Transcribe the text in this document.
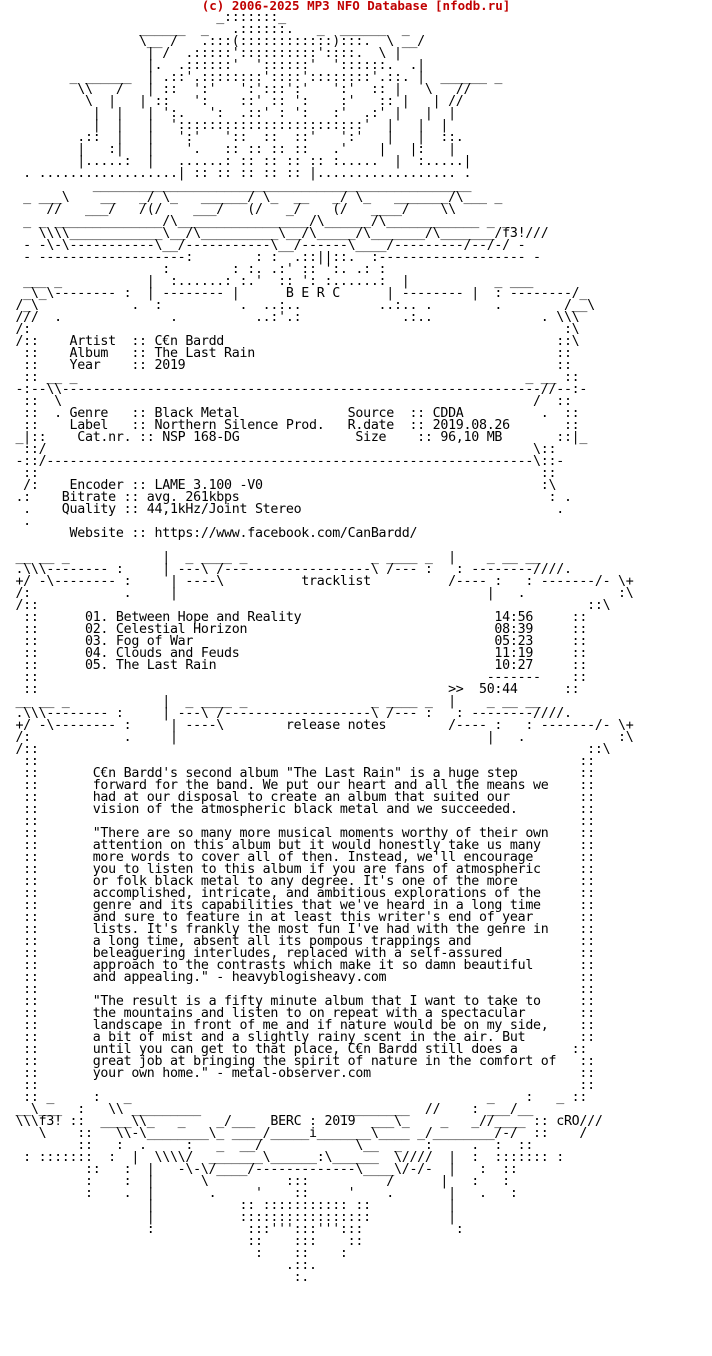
(c) 2006-2025 MP3 NFO Database [nfodb.ru]
_:::::::_
______  _   .::::::.   _  ______  _
\__ /   .:::(::::::::::::):::.  \ __/
| /  .:::::'::::::::::'::::.  \ |
|.  .::::::'  '::::::'  '::::::.  .|
_ ______  | .::'.::::::::'::::'::::::::'.::. |  ______ _
\\   /   | ::  ':'   ':':::':'   ':'  :: |   \   //
\  |   | ::   ':    ::' :: ':    :'   :: |   | //
|  |   | ':.   ':  .::' : ':   :'  .:' |   |  |
|  |   |  '::::::::::::::::::::::::'  |   |  |
.::  |   |   ':'   '::  ::  ::'   ':'   |   |  ::.
|   :|   |    '.   :: :: :: ::   .'    |   |:   |
|.....:  |   ......: :: :: :: :: :.....  |  :.....|
. ..................| :: :: :: :: :: |.................. .
_________________________________________________
_ ___\    __   _/ \_   ______/ \_  __   _/ \_   _______/\___ _
//   ___/   /(/    ___/   (/   _/    (/   ____/    \\
_ _ ______________/\_________________/\______/\____________ _ _
\\\\____________\__/\__________\__/\_____/\_______/\_______/f3!///
- -\-\-----------\__/-----------\__/------\____/---------/--/-/ -
- -------------------:        : :  .::||::.  :------------------- -
:        : :. .:' :: ':. .: :
___ _           |  :......: :.'  :: ': :......:  |           _ ___
_\_\-------- :  | -------- |      B E R C      | -------- |  : --------/_
/_\            .  :          .  ..:..          ..:.. .        .        /__\
///  .              .          ..:'.:             .:..              . \\\
/:                                                                     :\
/::    Artist  :: C€n Bardd                                           ::\
::    Album   :: The Last Rain                                       ::
::    Year    :: 2019                                                ::
:: __ _                                                          _ __ ::
-:--\\--------------------------------------------------------------//--:-
::  \                                                             /  ::
::  . Genre   :: Black Metal              Source  :: CDDA          .  ::
::    Label   :: Northern Silence Prod.   R.date  :: 2019.08.26       ::
_|::    Cat.nr. :: NSP 168-DG               Size    :: 96,10 MB       ::|_
::/                                                               \::
-::/---------------------------------------------------------------\::-
::                                                                 ::
/:    Encoder :: LAME 3.100 -V0                                    :\
.:    Bitrate :: avg. 261kbps                                        : .
.    Quality :: 44,1kHz/Joint Stereo                                 .
.
Website :: https://www.facebook.com/CanBardd/

__ __ _            |  _ ____ _                _ ____ _  |    _ __ __
.\\\-------- :     | ---\ /-------------------\ /--- :   : --------////.
+/ -\-------- :     | ----\          tracklist          /---- :   : -------/- \+
/:            .     |                                        |   .            :\
/::                                                                       ::\
::      01. Between Hope and Reality                         14:56     ::
::      02. Celestial Horizon                                08:39     ::
::      03. Fog of War                                       05:23     ::
::      04. Clouds and Feuds                                 11:19     ::
::      05. The Last Rain                                    10:27     ::
::                                                          -------    ::
::                                                     >>  50:44      ::
__ __ _            |  _ ____ _                _ ____ _  |    _ __ __
.\\\-------- :     | ---\ /-------------------\ /--- :   : --------////.
+/ -\-------- :     | ----\        release notes        /---- :   : -------/- \+
/:            .     |                                        |   .            :\
/::                                                                       ::\
::                                                                      ::
::       C€n Bardd's second album "The Last Rain" is a huge step        ::
::       forward for the band. We put our heart and all the means we    ::
::       had at our disposal to create an album that suited our         ::
::       vision of the atmospheric black metal and we succeeded.        ::
::                                                                      ::
::       "There are so many more musical moments worthy of their own    ::
::       attention on this album but it would honestly take us many     ::
::       more words to cover all of then. Instead, we'll encourage      ::
::       you to listen to this album if you are fans of atmospheric     ::
::       or folk black metal to any degree. It's one of the more        ::
::       accomplished, intricate, and ambitious explorations of the     ::
::       genre and its capabilities that we've heard in a long time     ::
::       and sure to feature in at least this writer's end of year      ::
::       lists. It's frankly the most fun I've had with the genre in    ::
::       a long time, absent all its pompous trappings and              ::
::       beleaguering interludes, replaced with a self-assured          ::
::       approach to the contrasts which make it so damn beautiful      ::
::       and appealing." - heavyblogisheavy.com                         ::
::                                                                      ::
::       "The result is a fifty minute album that I want to take to     ::
::       the mountains and listen to on repeat with a spectacular       ::
::       landscape in front of me and if nature would be on my side,    ::
::       a bit of mist and a slightly rainy scent in the air. But       ::
::       until you can get to that place, C€n Bardd still does a       ::
::       great job at bringing the spirit of nature in the comfort of   ::
::       your own home." - metal-observer.com                           ::
::                                                                      ::
:: _     :   _                                              _    :   _ ::
__\___  :   \\ _________                  _________  //    : ___/__
\\\f3! ::  ____\\_   _    _/___  BERC : 2019  ___\_    _   _//____ :: cRO///
\    ::   \\-\________\_ ____/_____i_______\____ _/________/-/  ::    /
::   :  .     :   _  __/            \__  _   :     .  :  ::
: :::::::  :  |  \\\\/  _______\______:\______  \////  |  :  ::::::: :
::   :  |   -\-\/____/-------------\____\/-/-  |   :  ::
:    :  |      \          :::          /      |   :   :
:    .  |       .     '    ::     '    .       |   .   :
|           :: ::::::::::: ::          |
|           :::::::::::::::::          |
:            :::''':::''':::            :
::    :::    ::
:    ::    :
.::.
:.
